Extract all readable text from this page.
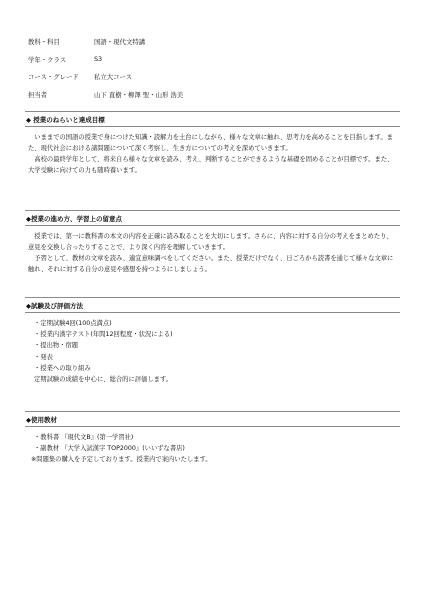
教科・科目	国語・現代文特講
学年・クラス	S3
コース・グレード	私立大コース
担当者	山下 直樹・柳澤 聖・山形 浩美
◆ 授業のねらいと達成目標

　いままでの国語の授業で身につけた知識・読解力を土台にしながら、様々な文章に触れ、思考力を高めることを目指します。また、現代社会における諸問題について深く考察し、生き方についての考えを深めていきます。

　高校の最終学年として、将来自ら様々な文章を読み、考え、判断することができるような基礎を固めることが目標です。また、大学受験に向けての力も随時養います。

◆授業の進め方、学習上の留意点

　授業では、第一に教科書の本文の内容を正確に読み取ることを大切にします。さらに、内容に対する自分の考えをまとめたり、意見を交換し合ったりすることで、より深く内容を理解していきます。

　予習として、教材の文章を読み、適宜意味調べをしてください。また、授業だけでなく、日ごろから読書を通じて様々な文章に触れ、それに対する自分の意見や感想を持つようにしましょう。

◆試験及び評価方法
・定期試験4回(100点満点)
・授業内漢字テスト(年間12回程度・状況による)
・提出物・宿題
・発表
・授業への取り組み
定期試験の成績を中心に、総合的に評価します。
◆使用教材
・教科書 『現代文B』(第一学習社)
・副教材 『大学入試漢字 TOP2000』(いいずな書店)
※問題集の購入を予定しております。授業内で案内いたします。
